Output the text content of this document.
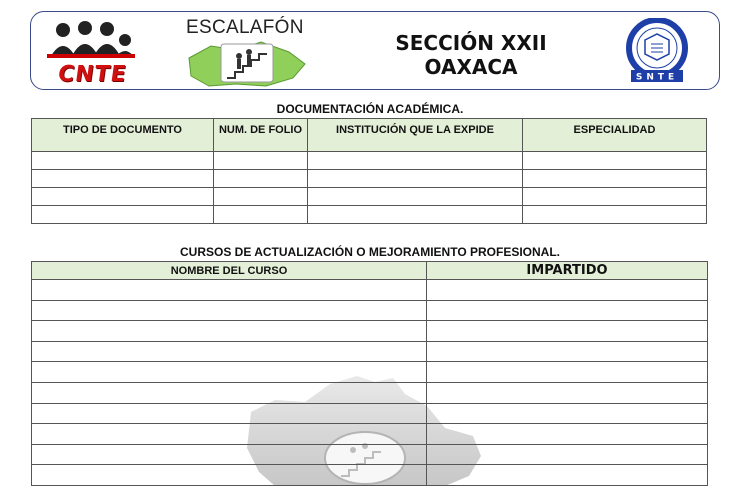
CNTE
ESCALAFÓN
SECCIÓN XXII
OAXACA	SNTE
DOCUMENTACIÓN ACADÉMICA.
TIPO DE DOCUMENTO	NUM. DE FOLIO	INSTITUCIÓN QUE LA EXPIDE	ESPECIALIDAD

CURSOS DE ACTUALIZACIÓN O MEJORAMIENTO PROFESIONAL.
NOMBRE DEL CURSO	IMPARTIDO
